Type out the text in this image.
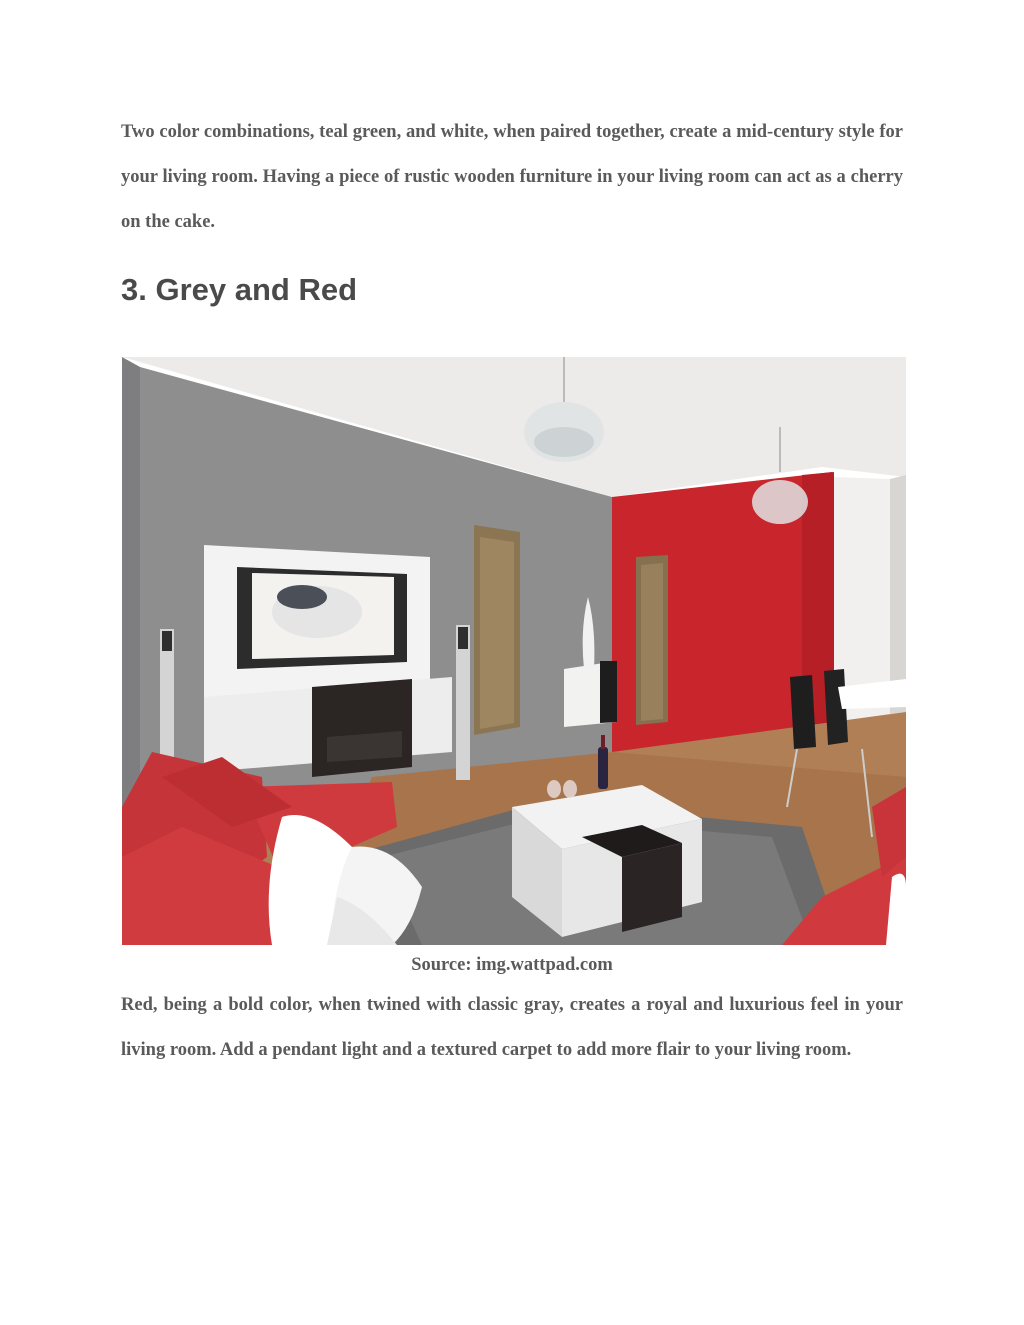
Two color combinations, teal green, and white, when paired together, create a mid-century style for your living room. Having a piece of rustic wooden furniture in your living room can act as a cherry on the cake.

3. Grey and Red

Source: img.wattpad.com

Red, being a bold color, when twined with classic gray, creates a royal and luxurious feel in your living room. Add a pendant light and a textured carpet to add more flair to your living room.
